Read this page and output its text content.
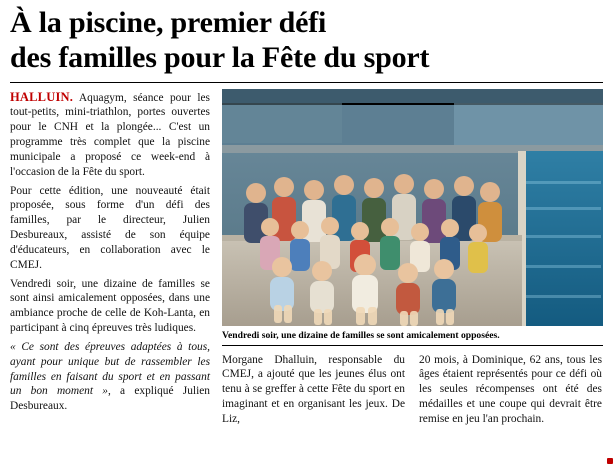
À la piscine, premier défi
des familles pour la Fête du sport

HALLUIN. Aquagym, séance pour les tout-petits, mini-triathlon, portes ouvertes pour le CNH et la plongée... C'est un programme très complet que la piscine municipale a proposé ce week-end à l'occasion de la Fête du sport.

Pour cette édition, une nouveauté était proposée, sous forme d'un défi des familles, par le directeur, Julien Desbureaux, assisté de son équipe d'éducateurs, en collaboration avec le CMEJ.

Vendredi soir, une dizaine de familles se sont ainsi amicalement opposées, dans une ambiance proche de celle de Koh-Lanta, en participant à cinq épreuves très ludiques.

« Ce sont des épreuves adaptées à tous, ayant pour unique but de rassembler les familles en faisant du sport et en passant un bon moment », a expliqué Julien Desbureaux.

Vendredi soir, une dizaine de familles se sont amicalement opposées.

Morgane Dhalluin, responsable du CMEJ, a ajouté que les jeunes élus ont tenu à se greffer à cette Fête du sport en imaginant et en organisant les jeux. De Liz,

20 mois, à Dominique, 62 ans, tous les âges étaient représentés pour ce défi où les seules récompenses ont été des médailles et une coupe qui devrait être remise en jeu l'an prochain.
